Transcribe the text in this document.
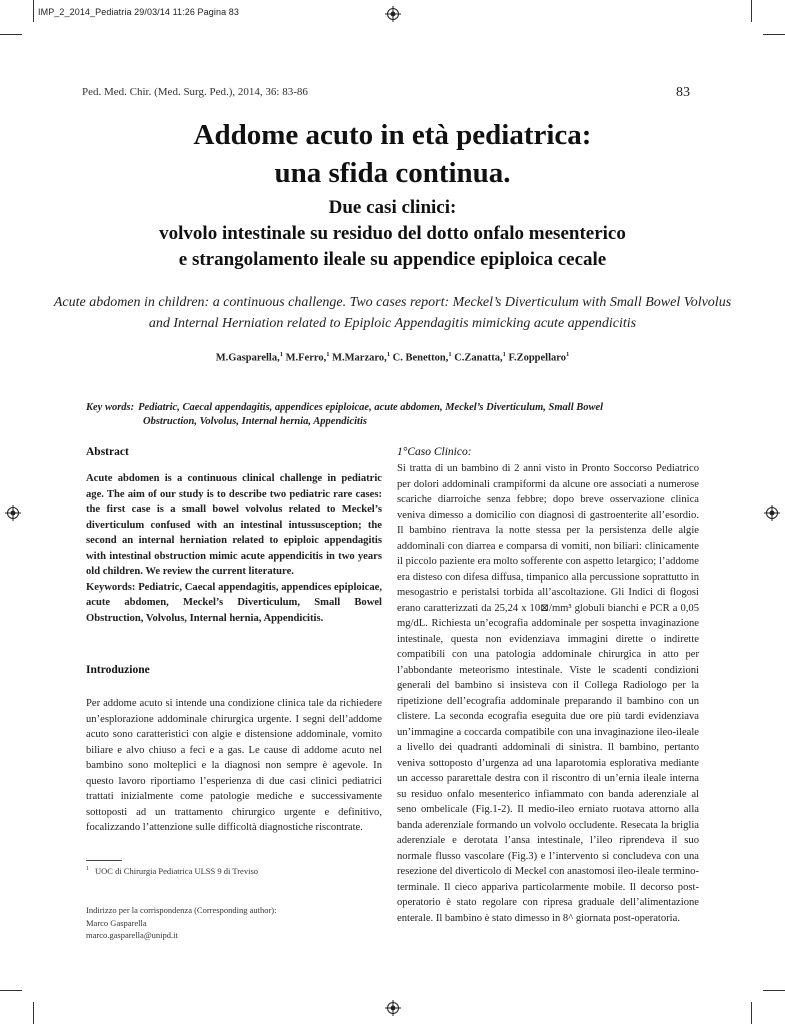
IMP_2_2014_Pediatria 29/03/14 11:26 Pagina 83
Ped. Med. Chir. (Med. Surg. Ped.), 2014, 36: 83-86	83
Addome acuto in età pediatrica:
una sfida continua.
Due casi clinici:
volvolo intestinale su residuo del dotto onfalo mesenterico
e strangolamento ileale su appendice epiploica cecale
Acute abdomen in children: a continuous challenge. Two cases report: Meckel’s Diverticulum with Small Bowel Volvolus
and Internal Herniation related to Epiploic Appendagitis mimicking acute appendicitis
M.Gasparella,$^1$ M.Ferro,$^1$ M.Marzaro,$^1$ C. Benetton,$^1$ C.Zanatta,$^1$ F.Zoppellaro$^1$
Key words: Pediatric, Caecal appendagitis, appendices epiploicae, acute abdomen, Meckel’s Diverticulum, Small Bowel
Obstruction, Volvolus, Internal hernia, Appendicitis
Abstract

Acute abdomen is a continuous clinical challenge in pediatric age. The aim of our study is to describe two pediatric rare cases: the first case is a small bowel volvolus related to Meckel’s diverticulum confused with an intestinal intussusception; the second an internal herniation related to epiploic appendagitis with intestinal obstruction mimic acute appendicitis in two years old children. We review the current literature.

Keywords: Pediatric, Caecal appendagitis, appendices epiploicae, acute abdomen, Meckel’s Diverticulum, Small Bowel Obstruction, Volvolus, Internal hernia, Appendicitis.

Introduzione

Per addome acuto si intende una condizione clinica tale da richiedere un’esplorazione addominale chirurgica urgente. I segni dell’addome acuto sono caratteristici con algie e distensione addominale, vomito biliare e alvo chiuso a feci e a gas. Le cause di addome acuto nel bambino sono molteplici e la diagnosi non sempre è agevole. In questo lavoro riportiamo l’esperienza di due casi clinici pediatrici trattati inizialmente come patologie mediche e successivamente sottoposti ad un trattamento chirurgico urgente e definitivo, focalizzando l’attenzione sulle difficoltà diagnostiche riscontrate.

$^1$ UOC di Chirurgia Pediatrica ULSS 9 di Treviso
Indirizzo per la corrispondenza (Corresponding author):
Marco Gasparella
marco.gasparella@unipd.it
1°Caso Clinico:

Si tratta di un bambino di 2 anni visto in Pronto Soccorso Pediatrico per dolori addominali crampiformi da alcune ore associati a numerose scariche diarroiche senza febbre; dopo breve osservazione clinica veniva dimesso a domicilio con diagnosi di gastroenterite all’esordio. Il bambino rientrava la notte stessa per la persistenza delle algie addominali con diarrea e comparsa di vomiti, non biliari: clinicamente il piccolo paziente era molto sofferente con aspetto letargico; l’addome era disteso con difesa diffusa, timpanico alla percussione soprattutto in mesogastrio e peristalsi torbida all’ascoltazione. Gli Indici di flogosi erano caratterizzati da 25,24 x 10⊠/mm³ globuli bianchi e PCR a 0,05 mg/dL. Richiesta un’ecografia addominale per sospetta invaginazione intestinale, questa non evidenziava immagini dirette o indirette compatibili con una patologia addominale chirurgica in atto per l’abbondante meteorismo intestinale. Viste le scadenti condizioni generali del bambino si insisteva con il Collega Radiologo per la ripetizione dell’ecografia addominale preparando il bambino con un clistere. La seconda ecografia eseguita due ore più tardi evidenziava un’immagine a coccarda compatibile con una invaginazione ileo-ileale a livello dei quadranti addominali di sinistra. Il bambino, pertanto veniva sottoposto d’urgenza ad una laparotomia esplorativa mediante un accesso pararettale destra con il riscontro di un’ernia ileale interna su residuo onfalo mesenterico infiammato con banda aderenziale al seno ombelicale (Fig.1-2). Il medio-ileo erniato ruotava attorno alla banda aderenziale formando un volvolo occludente. Resecata la briglia aderenziale e derotata l’ansa intestinale, l’ileo riprendeva il suo normale flusso vascolare (Fig.3) e l’intervento si concludeva con una resezione del diverticolo di Meckel con anastomosi ileo-ileale termino-terminale. Il cieco appariva particolarmente mobile. Il decorso post-operatorio è stato regolare con ripresa graduale dell’alimentazione enterale. Il bambino è stato dimesso in 8^ giornata post-operatoria.
